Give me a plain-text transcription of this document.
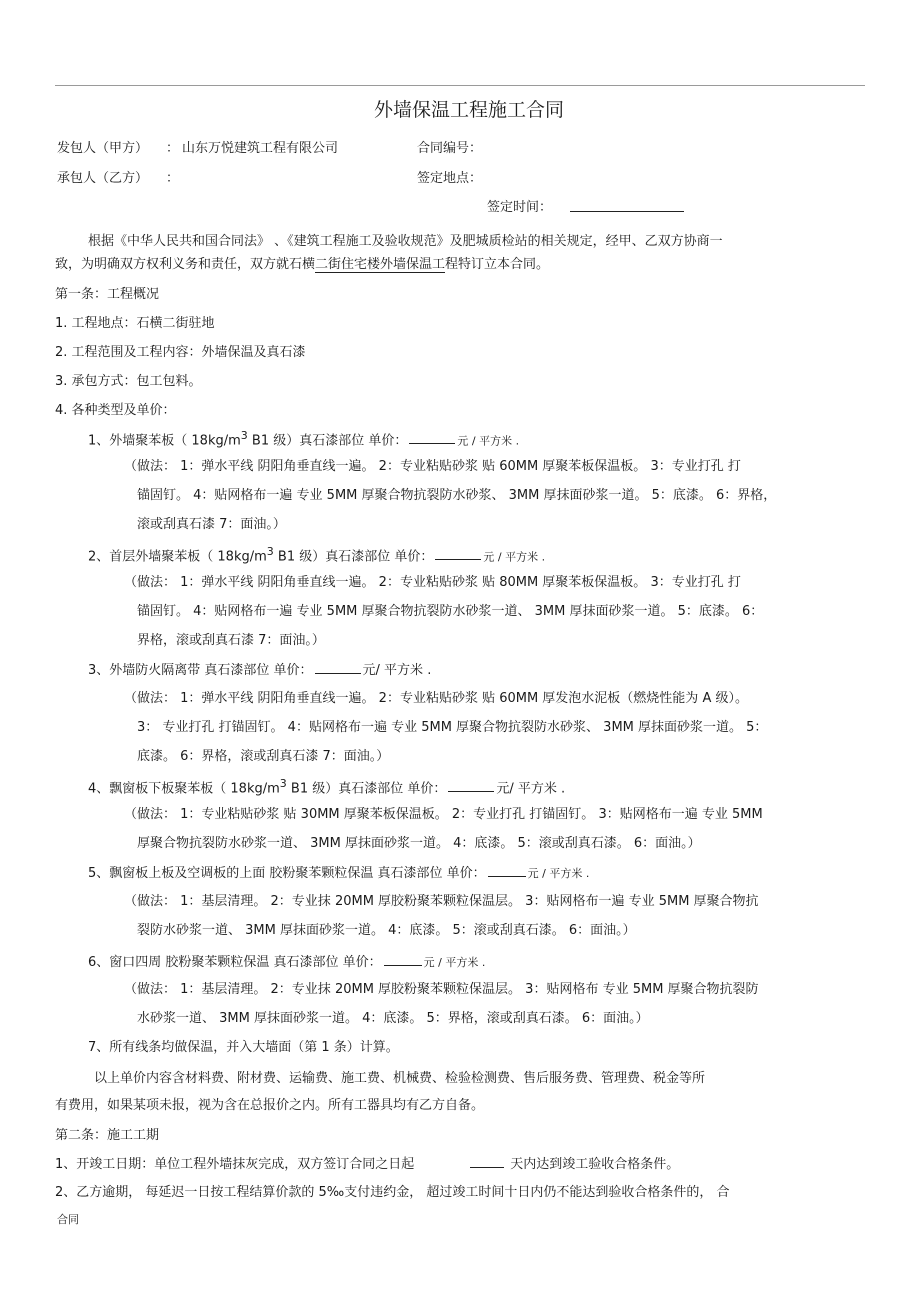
外墙保温工程施工合同
发包人（甲方） ： 山东万悦建筑工程有限公司	合同编号：
承包人（乙方） ：	签定地点：
签定时间：
根据《中华人民共和国合同法》 、《建筑工程施工及验收规范》及肥城质检站的相关规定，经甲、乙双方协商一
致，为明确双方权利义务和责任，双方就石横二街住宅楼外墙保温工程特订立本合同。
第一条：工程概况
1. 工程地点：石横二街驻地
2. 工程范围及工程内容：外墙保温及真石漆
3. 承包方式：包工包料。
4. 各种类型及单价：
1、外墙聚苯板（ $18kg/m^3$ B1 级）真石漆部位 单价：	元 / 平方米 .
（做法： 1：弹水平线 阴阳角垂直线一遍。 2：专业粘贴砂浆 贴 60MM 厚聚苯板保温板。 3：专业打孔 打
锚固钉。 4：贴网格布一遍 专业 5MM 厚聚合物抗裂防水砂浆、 3MM 厚抹面砂浆一道。 5：底漆。 6：界格，
滚或刮真石漆 7：面油。）
2、首层外墙聚苯板（ $18kg/m^3$ B1 级）真石漆部位 单价：	元 / 平方米 .
（做法： 1：弹水平线 阴阳角垂直线一遍。 2：专业粘贴砂浆 贴 80MM 厚聚苯板保温板。 3：专业打孔 打
锚固钉。 4：贴网格布一遍 专业 5MM 厚聚合物抗裂防水砂浆一道、 3MM 厚抹面砂浆一道。 5：底漆。 6：
界格，滚或刮真石漆 7：面油。）
3、外墙防火隔离带 真石漆部位 单价：	元/ 平方米 .
（做法： 1：弹水平线 阴阳角垂直线一遍。 2：专业粘贴砂浆 贴 60MM 厚发泡水泥板（燃烧性能为 A 级）。
3： 专业打孔 打锚固钉。 4：贴网格布一遍 专业 5MM 厚聚合物抗裂防水砂浆、 3MM 厚抹面砂浆一道。 5：
底漆。 6：界格，滚或刮真石漆 7：面油。）
4、飘窗板下板聚苯板（ $18kg/m^3$ B1 级）真石漆部位 单价：	元/ 平方米 .
（做法： 1：专业粘贴砂浆 贴 30MM 厚聚苯板保温板。 2：专业打孔 打锚固钉。 3：贴网格布一遍 专业 5MM
厚聚合物抗裂防水砂浆一道、 3MM 厚抹面砂浆一道。 4：底漆。 5：滚或刮真石漆。 6：面油。）
5、飘窗板上板及空调板的上面 胶粉聚苯颗粒保温 真石漆部位 单价：	元 / 平方米 .
（做法： 1：基层清理。 2：专业抹 20MM 厚胶粉聚苯颗粒保温层。 3：贴网格布一遍 专业 5MM 厚聚合物抗
裂防水砂浆一道、 3MM 厚抹面砂浆一道。 4：底漆。 5：滚或刮真石漆。 6：面油。）
6、窗口四周 胶粉聚苯颗粒保温 真石漆部位 单价：	元 / 平方米 .
（做法： 1：基层清理。 2：专业抹 20MM 厚胶粉聚苯颗粒保温层。 3：贴网格布 专业 5MM 厚聚合物抗裂防
水砂浆一道、 3MM 厚抹面砂浆一道。 4：底漆。 5：界格，滚或刮真石漆。 6：面油。）
7、所有线条均做保温，并入大墙面（第 1 条）计算。
以上单价内容含材料费、附材费、运输费、施工费、机械费、检验检测费、售后服务费、管理费、税金等所
有费用，如果某项未报，视为含在总报价之内。所有工器具均有乙方自备。
第二条：施工工期
1、开竣工日期：单位工程外墙抹灰完成，双方签订合同之日起	天内达到竣工验收合格条件。
2、乙方逾期， 每延迟一日按工程结算价款的 5‰支付违约金， 超过竣工时间十日内仍不能达到验收合格条件的， 合
合同
